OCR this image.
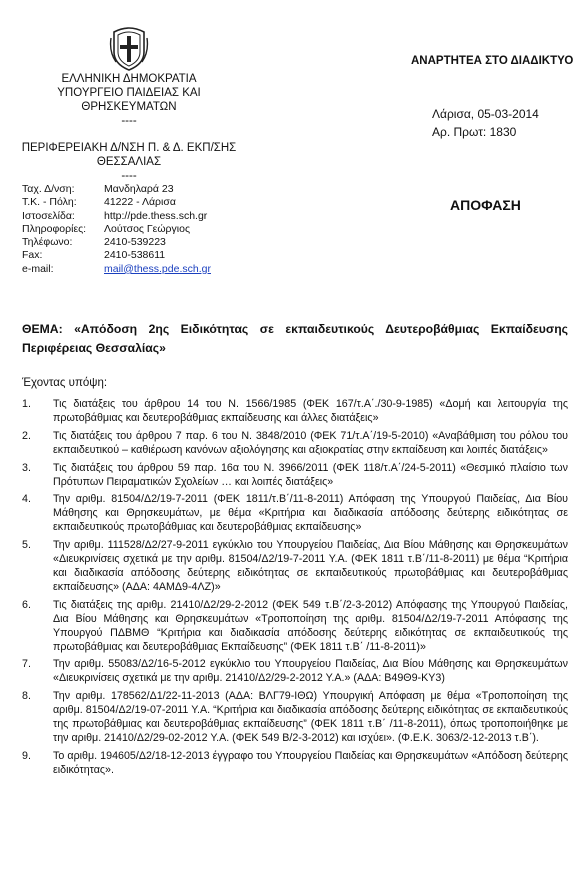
ΕΛΛΗΝΙΚΗ ΔΗΜΟΚΡΑΤΙΑ
ΥΠΟΥΡΓΕΙΟ ΠΑΙΔΕΙΑΣ ΚΑΙ ΘΡΗΣΚΕΥΜΑΤΩΝ
----
ΠΕΡΙΦΕΡΕΙΑΚΗ Δ/ΝΣΗ Π. & Δ. ΕΚΠ/ΣΗΣ
ΘΕΣΣΑΛΙΑΣ
----
ΑΝΑΡΤΗΤΕΑ ΣΤΟ ΔΙΑΔΙΚΤΥΟ
Λάρισα, 05-03-2014
Αρ. Πρωτ: 1830
ΑΠΟΦΑΣΗ
Ταχ. Δ/νση:	Μανδηλαρά 23
Τ.Κ. - Πόλη:	41222 - Λάρισα
Ιστοσελίδα:	http://pde.thess.sch.gr
Πληροφορίες:	Λούτσος Γεώργιος
Τηλέφωνο:	2410-539223
Fax:	2410-538611
e-mail:	mail@thess.pde.sch.gr
ΘΕΜΑ: «Απόδοση 2ης Ειδικότητας σε εκπαιδευτικούς Δευτεροβάθμιας Εκπαίδευσης Περιφέρειας Θεσσαλίας»
Έχοντας υπόψη:
1.	Τις διατάξεις του άρθρου 14 του Ν. 1566/1985 (ΦΕΚ 167/τ.Α΄./30-9-1985) «Δομή και λειτουργία της πρωτοβάθμιας και δευτεροβάθμιας εκπαίδευσης και άλλες διατάξεις»
2.	Τις διατάξεις του άρθρου 7 παρ. 6 του Ν. 3848/2010 (ΦΕΚ 71/τ.Α΄/19-5-2010) «Αναβάθμιση του ρόλου του εκπαιδευτικού – καθιέρωση κανόνων αξιολόγησης και αξιοκρατίας στην εκπαίδευση και λοιπές διατάξεις»
3.	Τις διατάξεις του άρθρου 59 παρ. 16α του Ν. 3966/2011 (ΦΕΚ 118/τ.Α΄/24-5-2011) «Θεσμικό πλαίσιο των Πρότυπων Πειραματικών Σχολείων … και λοιπές διατάξεις»
4.	Την αριθμ. 81504/Δ2/19-7-2011 (ΦΕΚ 1811/τ.Β΄/11-8-2011) Απόφαση της Υπουργού Παιδείας, Δια Βίου Μάθησης και Θρησκευμάτων, με θέμα «Κριτήρια και διαδικασία απόδοσης δεύτερης ειδικότητας σε εκπαιδευτικούς πρωτοβάθμιας και δευτεροβάθμιας εκπαίδευσης»
5.	Την αριθμ. 111528/Δ2/27-9-2011 εγκύκλιο του Υπουργείου Παιδείας, Δια Βίου Μάθησης και Θρησκευμάτων «Διευκρινίσεις σχετικά με την αριθμ. 81504/Δ2/19-7-2011 Υ.Α. (ΦΕΚ 1811 τ.Β΄/11-8-2011) με θέμα “Κριτήρια και διαδικασία απόδοσης δεύτερης ειδικότητας σε εκπαιδευτικούς πρωτοβάθμιας και δευτεροβάθμιας εκπαίδευσης» (ΑΔΑ: 4ΑΜΔ9-4ΛΖ)»
6.	Τις διατάξεις της αριθμ. 21410/Δ2/29-2-2012 (ΦΕΚ 549 τ.Β΄/2-3-2012) Απόφασης της Υπουργού Παιδείας, Δια Βίου Μάθησης και Θρησκευμάτων «Τροποποίηση της αριθμ. 81504/Δ2/19-7-2011 Απόφασης της Υπουργού ΠΔΒΜΘ “Κριτήρια και διαδικασία απόδοσης δεύτερης ειδικότητας σε εκπαιδευτικούς της πρωτοβάθμιας και δευτεροβάθμιας Εκπαίδευσης” (ΦΕΚ 1811 τ.Β΄ /11-8-2011)»
7.	Την αριθμ. 55083/Δ2/16-5-2012 εγκύκλιο του Υπουργείου Παιδείας, Δια Βίου Μάθησης και Θρησκευμάτων «Διευκρινίσεις σχετικά με την αριθμ. 21410/Δ2/29-2-2012 Υ.Α.» (ΑΔΑ: Β49Θ9-ΚΥ3)
8.	Την αριθμ. 178562/Δ1/22-11-2013 (ΑΔΑ: ΒΛΓ79-ΙΘΩ) Υπουργική Απόφαση με θέμα «Τροποποίηση της αριθμ. 81504/Δ2/19-07-2011 Υ.Α. “Κριτήρια και διαδικασία απόδοσης δεύτερης ειδικότητας σε εκπαιδευτικούς της πρωτοβάθμιας και δευτεροβάθμιας εκπαίδευσης” (ΦΕΚ 1811 τ.Β΄ /11-8-2011), όπως τροποποιήθηκε με την αριθμ. 21410/Δ2/29-02-2012 Υ.Α. (ΦΕΚ 549 Β/2-3-2012) και ισχύει». (Φ.Ε.Κ. 3063/2-12-2013 τ.Β΄).
9.	Το αριθμ. 194605/Δ2/18-12-2013 έγγραφο του Υπουργείου Παιδείας και Θρησκευμάτων «Απόδοση δεύτερης ειδικότητας».
